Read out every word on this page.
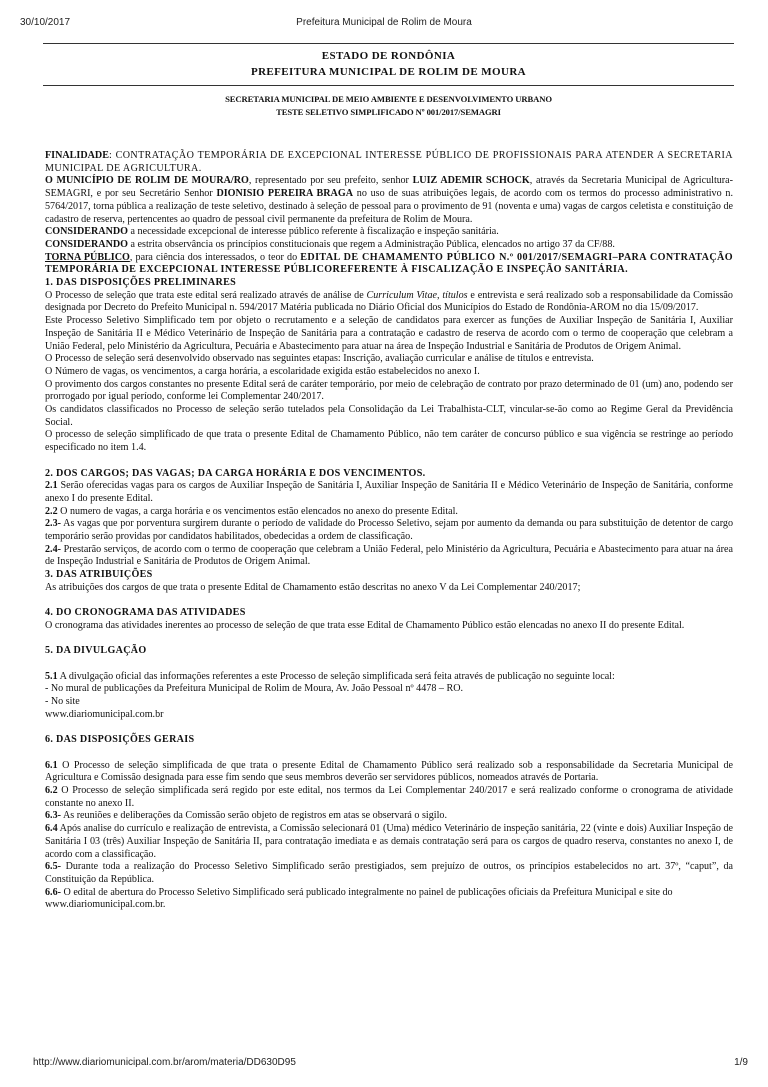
30/10/2017	Prefeitura Municipal de Rolim de Moura
ESTADO DE RONDÔNIA
PREFEITURA MUNICIPAL DE ROLIM DE MOURA
SECRETARIA MUNICIPAL DE MEIO AMBIENTE E DESENVOLVIMENTO URBANO
TESTE SELETIVO SIMPLIFICADO Nº 001/2017/SEMAGRI

FINALIDADE: CONTRATAÇÃO TEMPORÁRIA DE EXCEPCIONAL INTERESSE PÚBLICO DE PROFISSIONAIS PARA ATENDER A SECRETARIA MUNICIPAL DE AGRICULTURA.

O MUNICÍPIO DE ROLIM DE MOURA/RO, representado por seu prefeito, senhor LUIZ ADEMIR SCHOCK, através da Secretaria Municipal de Agricultura-SEMAGRI, e por seu Secretário Senhor DIONISIO PEREIRA BRAGA no uso de suas atribuições legais, de acordo com os termos do processo administrativo n. 5764/2017, torna pública a realização de teste seletivo, destinado à seleção de pessoal para o provimento de 91 (noventa e uma) vagas de cargos celetista e constituição de cadastro de reserva, pertencentes ao quadro de pessoal civil permanente da prefeitura de Rolim de Moura.

CONSIDERANDO a necessidade excepcional de interesse público referente à fiscalização e inspeção sanitária.

CONSIDERANDO a estrita observância os princípios constitucionais que regem a Administração Pública, elencados no artigo 37 da CF/88.

TORNA PÚBLICO, para ciência dos interessados, o teor do EDITAL DE CHAMAMENTO PÚBLICO N.º 001/2017/SEMAGRI–PARA CONTRATAÇÃO TEMPORÁRIA DE EXCEPCIONAL INTERESSE PÚBLICOREFERENTE À FISCALIZAÇÃO E INSPEÇÃO SANITÁRIA.

1. DAS DISPOSIÇÕES PRELIMINARES

O Processo de seleção que trata este edital será realizado através de análise de Curriculum Vitae, títulos e entrevista e será realizado sob a responsabilidade da Comissão designada por Decreto do Prefeito Municipal n. 594/2017 Matéria publicada no Diário Oficial dos Municípios do Estado de Rondônia-AROM no dia 15/09/2017.

Este Processo Seletivo Simplificado tem por objeto o recrutamento e a seleção de candidatos para exercer as funções de Auxiliar Inspeção de Sanitária I, Auxiliar Inspeção de Sanitária II e Médico Veterinário de Inspeção de Sanitária para a contratação e cadastro de reserva de acordo com o termo de cooperação que celebram a União Federal, pelo Ministério da Agricultura, Pecuária e Abastecimento para atuar na área de Inspeção Industrial e Sanitária de Produtos de Origem Animal.

O Processo de seleção será desenvolvido observado nas seguintes etapas: Inscrição, avaliação curricular e análise de títulos e entrevista.

O Número de vagas, os vencimentos, a carga horária, a escolaridade exigida estão estabelecidos no anexo I.

O provimento dos cargos constantes no presente Edital será de caráter temporário, por meio de celebração de contrato por prazo determinado de 01 (um) ano, podendo ser prorrogado por igual período, conforme lei Complementar 240/2017.

Os candidatos classificados no Processo de seleção serão tutelados pela Consolidação da Lei Trabalhista-CLT, vincular-se-ão como ao Regime Geral da Previdência Social.

O processo de seleção simplificado de que trata o presente Edital de Chamamento Público, não tem caráter de concurso público e sua vigência se restringe ao período especificado no item 1.4.

2. DOS CARGOS; DAS VAGAS; DA CARGA HORÁRIA E DOS VENCIMENTOS.

2.1 Serão oferecidas vagas para os cargos de Auxiliar Inspeção de Sanitária I, Auxiliar Inspeção de Sanitária II e Médico Veterinário de Inspeção de Sanitária, conforme anexo I do presente Edital.

2.2 O numero de vagas, a carga horária e os vencimentos estão elencados no anexo do presente Edital.

2.3- As vagas que por porventura surgirem durante o período de validade do Processo Seletivo, sejam por aumento da demanda ou para substituição de detentor de cargo temporário serão providas por candidatos habilitados, obedecidas a ordem de classificação.

2.4- Prestarão serviços, de acordo com o termo de cooperação que celebram a União Federal, pelo Ministério da Agricultura, Pecuária e Abastecimento para atuar na área de Inspeção Industrial e Sanitária de Produtos de Origem Animal.

3. DAS ATRIBUIÇÕES

As atribuições dos cargos de que trata o presente Edital de Chamamento estão descritas no anexo V da Lei Complementar 240/2017;

4. DO CRONOGRAMA DAS ATIVIDADES

O cronograma das atividades inerentes ao processo de seleção de que trata esse Edital de Chamamento Público estão elencadas no anexo II do presente Edital.

5. DA DIVULGAÇÃO

5.1 A divulgação oficial das informações referentes a este Processo de seleção simplificada será feita através de publicação no seguinte local:

- No mural de publicações da Prefeitura Municipal de Rolim de Moura, Av. João Pessoal nº 4478 – RO.

- No site

www.diariomunicipal.com.br

6. DAS DISPOSIÇÕES GERAIS

6.1 O Processo de seleção simplificada de que trata o presente Edital de Chamamento Público será realizado sob a responsabilidade da Secretaria Municipal de Agricultura e Comissão designada para esse fim sendo que seus membros deverão ser servidores públicos, nomeados através de Portaria.

6.2 O Processo de seleção simplificada será regido por este edital, nos termos da Lei Complementar 240/2017 e será realizado conforme o cronograma de atividade constante no anexo II.

6.3- As reuniões e deliberações da Comissão serão objeto de registros em atas se observará o sigilo.

6.4 Após analise do currículo e realização de entrevista, a Comissão selecionará 01 (Uma) médico Veterinário de inspeção sanitária, 22 (vinte e dois) Auxiliar Inspeção de Sanitária I 03 (três) Auxiliar Inspeção de Sanitária II, para contratação imediata e as demais contratação será para os cargos de quadro reserva, constantes no anexo I, de acordo com a classificação.

6.5- Durante toda a realização do Processo Seletivo Simplificado serão prestigiados, sem prejuízo de outros, os princípios estabelecidos no art. 37º, “caput”, da Constituição da República.

6.6- O edital de abertura do Processo Seletivo Simplificado será publicado integralmente no painel de publicações oficiais da Prefeitura Municipal e site do

www.diariomunicipal.com.br.

http://www.diariomunicipal.com.br/arom/materia/DD630D95	1/9
